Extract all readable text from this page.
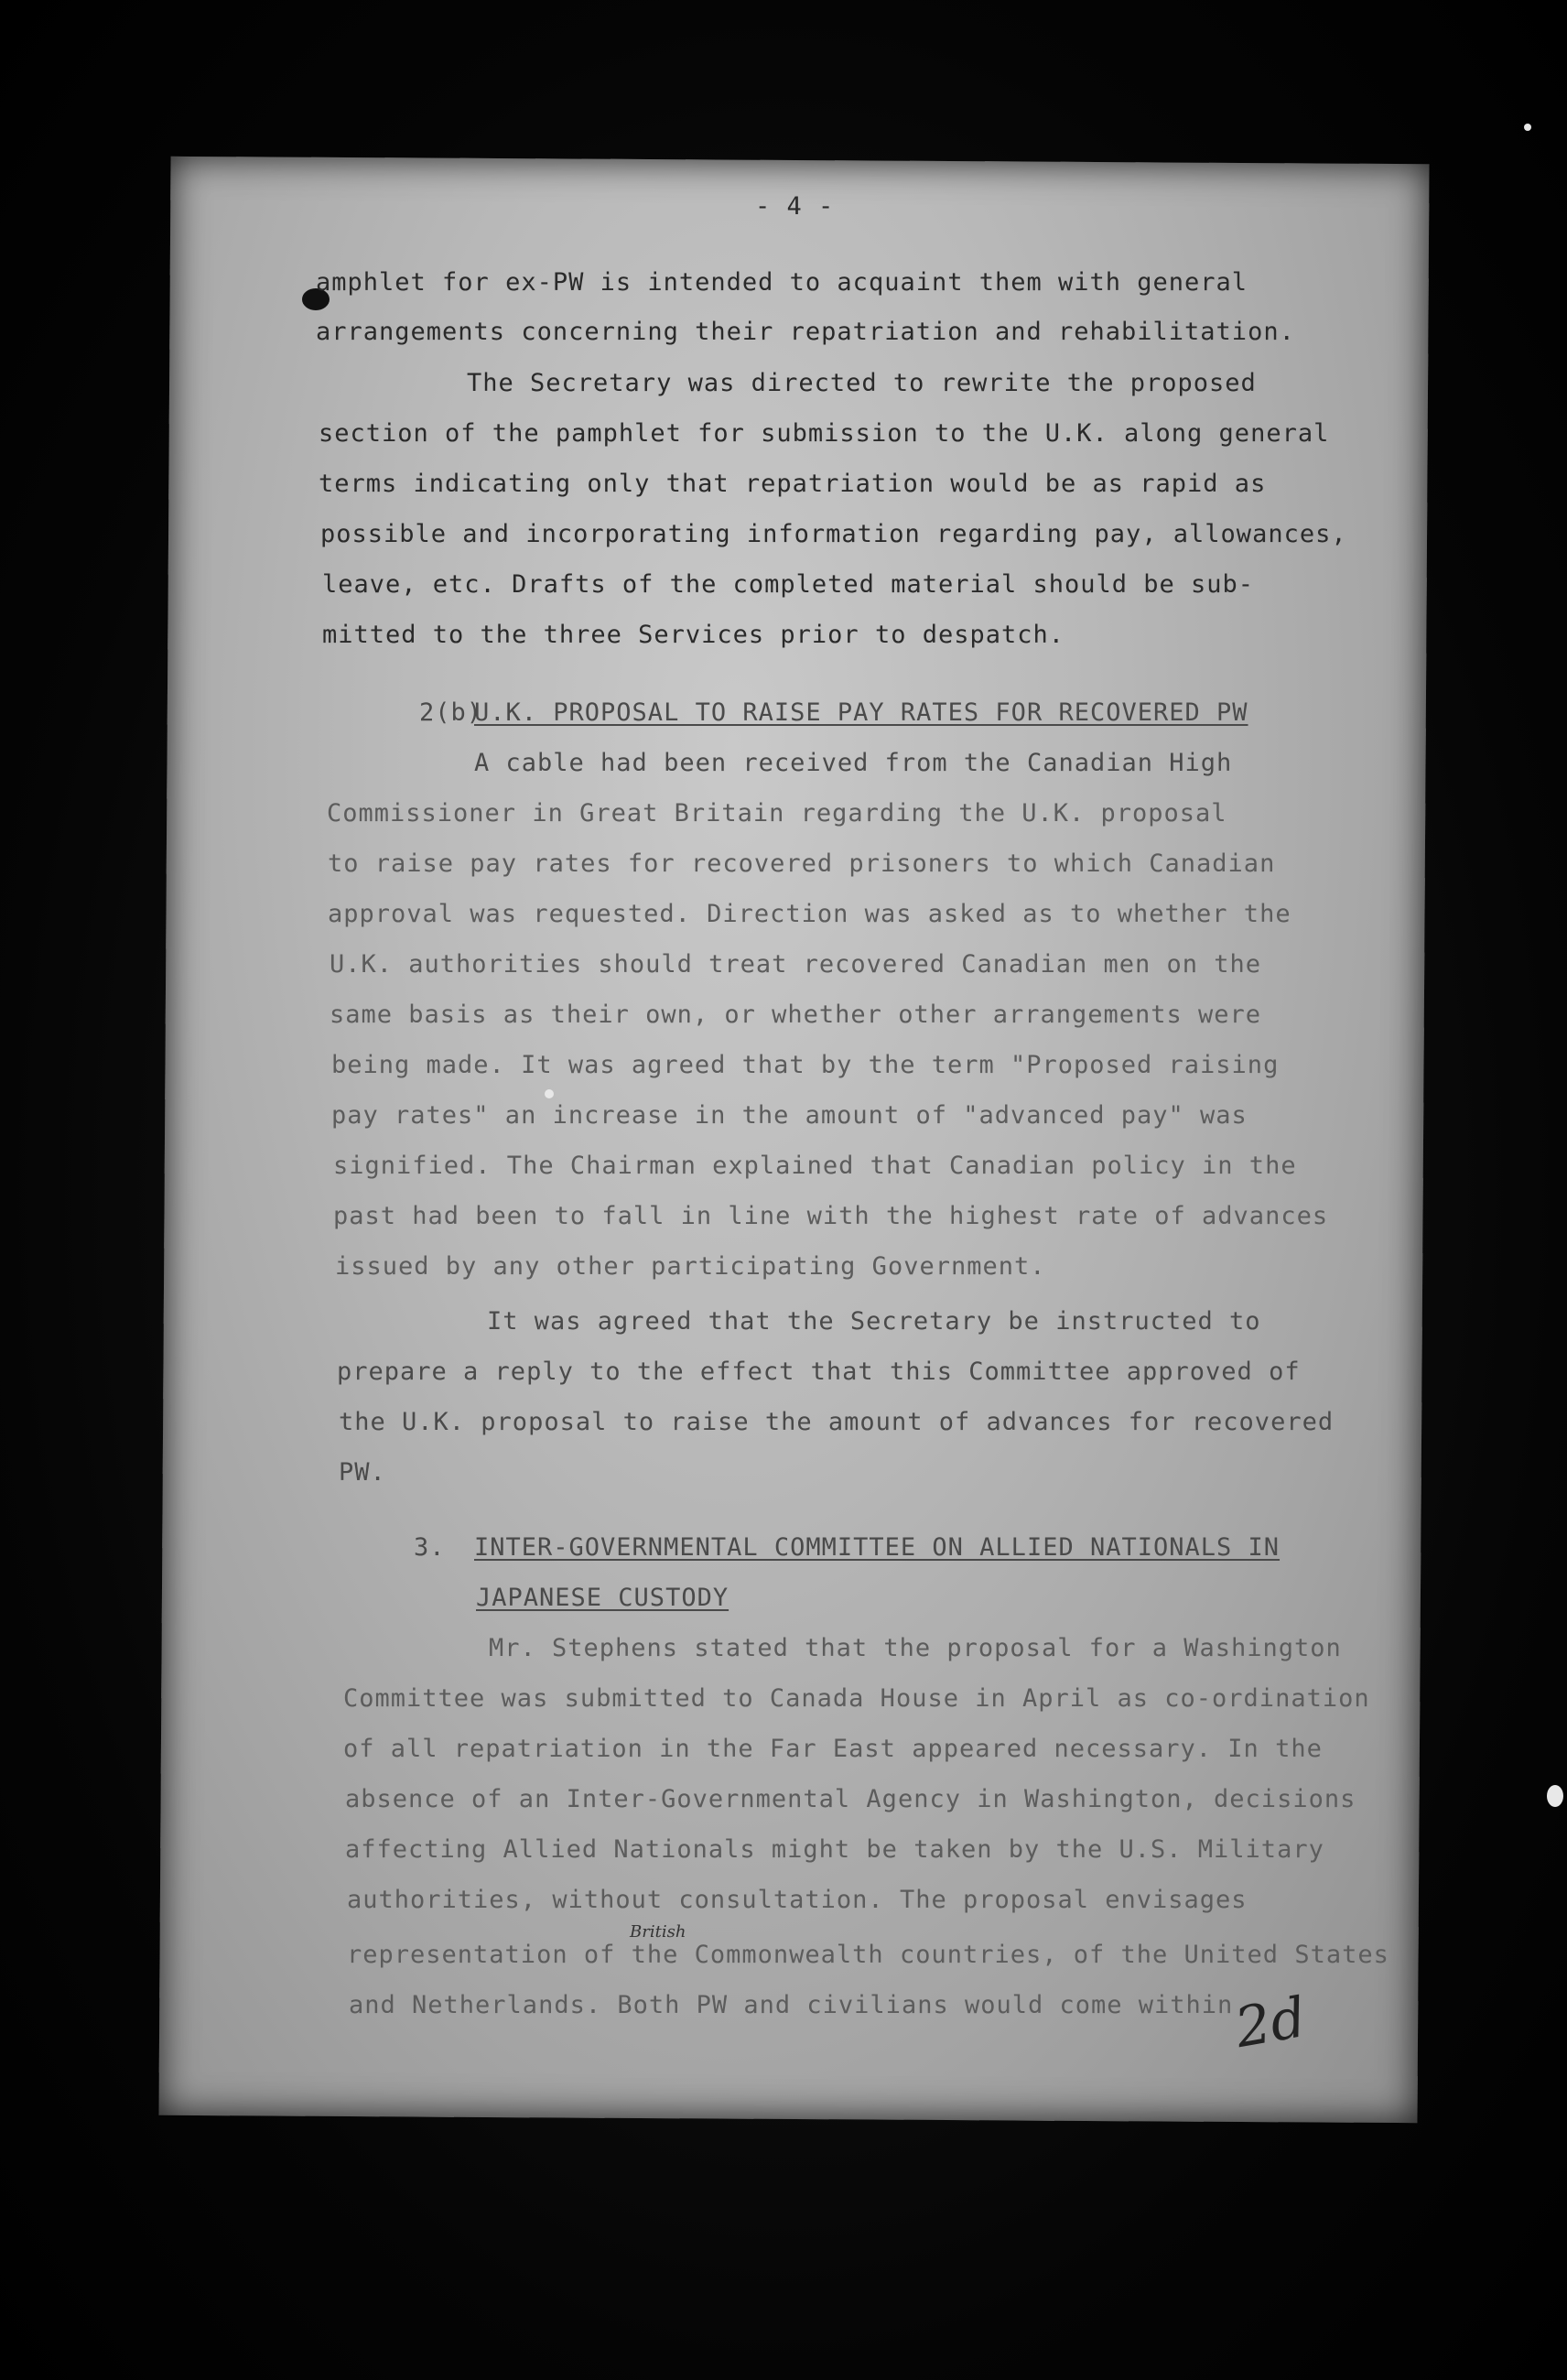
- 4 -
amphlet for ex-PW is intended to acquaint them with general
arrangements concerning their repatriation and rehabilitation.
The Secretary was directed to rewrite the proposed
section of the pamphlet for submission to the U.K. along general
terms indicating only that repatriation would be as rapid as
possible and incorporating information regarding pay, allowances,
leave, etc. Drafts of the completed material should be sub-
mitted to the three Services prior to despatch.
2(b)
U.K. PROPOSAL TO RAISE PAY RATES FOR RECOVERED PW
A cable had been received from the Canadian High
Commissioner in Great Britain regarding the U.K. proposal
to raise pay rates for recovered prisoners to which Canadian
approval was requested. Direction was asked as to whether the
U.K. authorities should treat recovered Canadian men on the
same basis as their own, or whether other arrangements were
being made. It was agreed that by the term "Proposed raising
pay rates" an increase in the amount of "advanced pay" was
signified. The Chairman explained that Canadian policy in the
past had been to fall in line with the highest rate of advances
issued by any other participating Government.
It was agreed that the Secretary be instructed to
prepare a reply to the effect that this Committee approved of
the U.K. proposal to raise the amount of advances for recovered
PW.
3. INTER-GOVERNMENTAL COMMITTEE ON ALLIED NATIONALS IN
JAPANESE CUSTODY
Mr. Stephens stated that the proposal for a Washington
Committee was submitted to Canada House in April as co-ordination
of all repatriation in the Far East appeared necessary. In the
absence of an Inter-Governmental Agency in Washington, decisions
affecting Allied Nationals might be taken by the U.S. Military
authorities, without consultation. The proposal envisages
representation of the Commonwealth countries, of the United States
and Netherlands. Both PW and civilians would come within
British
2d
